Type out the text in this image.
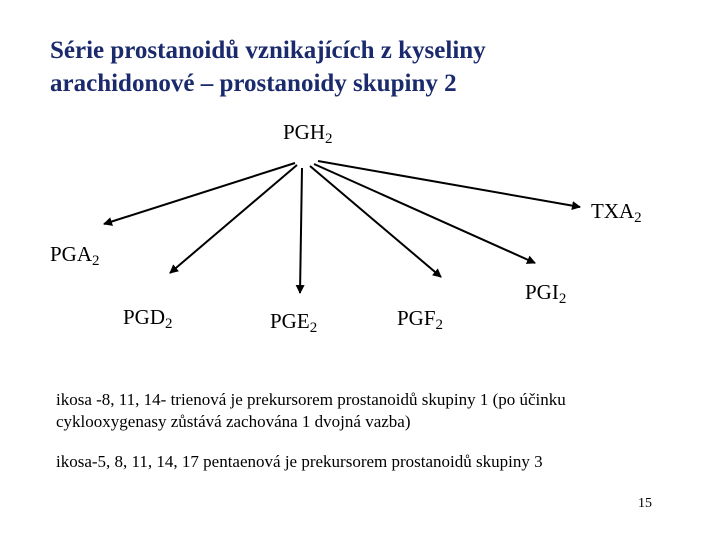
Série prostanoidů vznikajících z kyseliny
arachidonové – prostanoidy skupiny 2
$PGH_2$
$TXA_2$
$PGA_2$
$PGD_2$	$PGE_2$	$PGF_2$
$PGI_2$
ikosa -8, 11, 14- trienová je prekursorem prostanoidů skupiny 1 (po účinku cyklooxygenasy zůstává zachována 1 dvojná vazba)
ikosa-5, 8, 11, 14, 17 pentaenová je prekursorem prostanoidů skupiny 3
15
